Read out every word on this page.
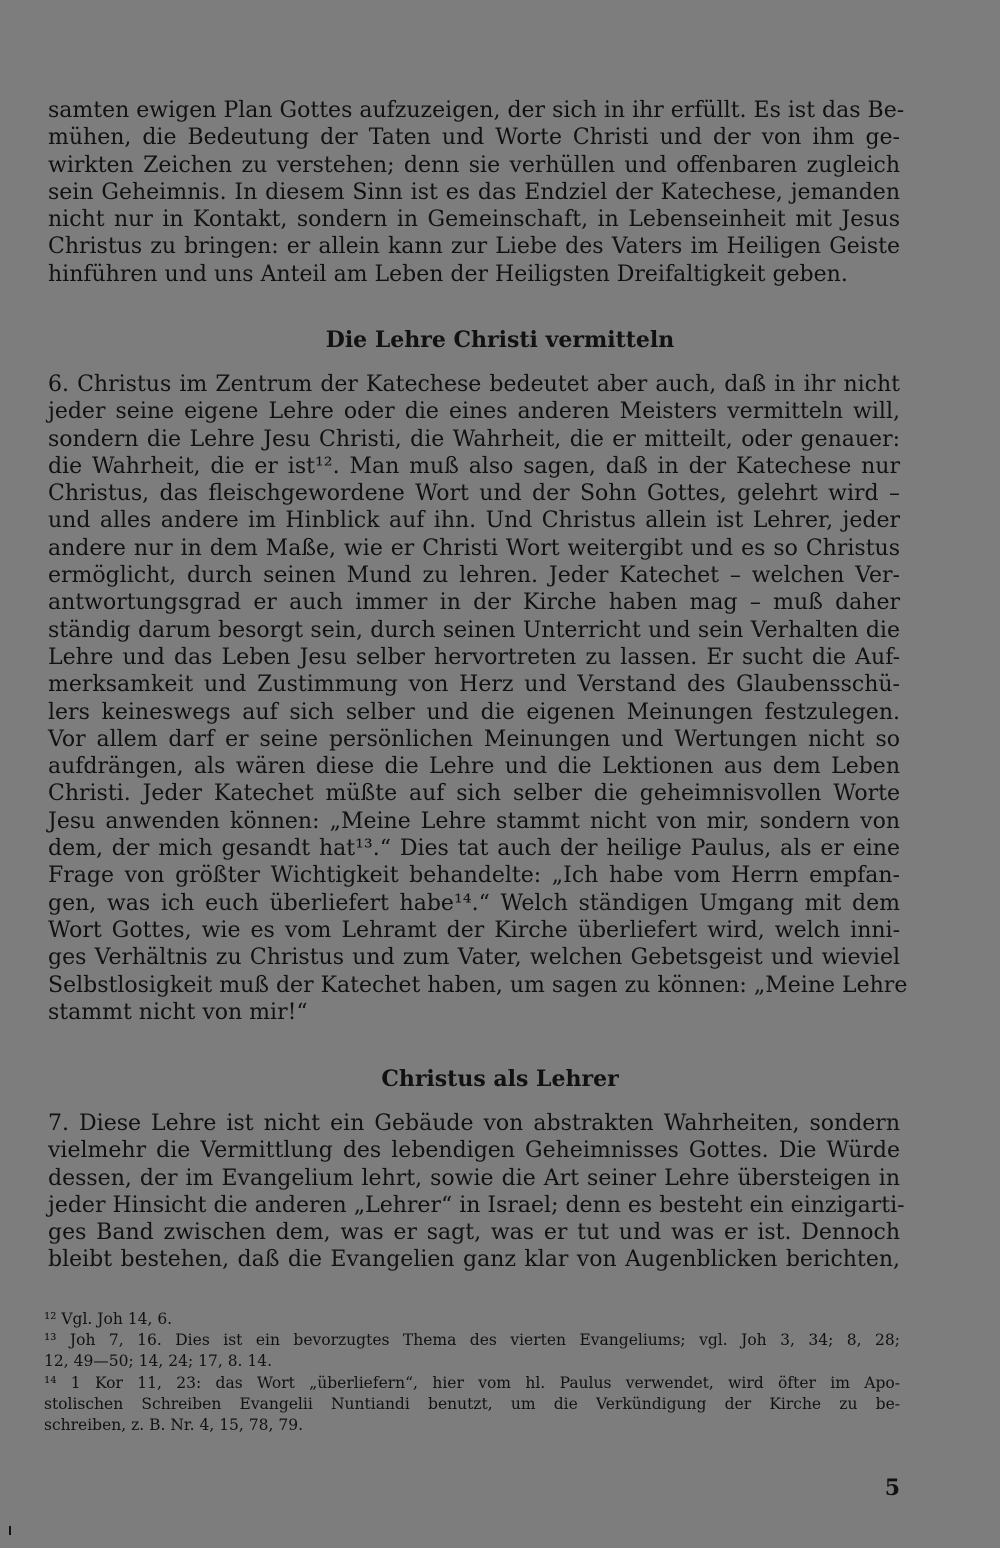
samten ewigen Plan Gottes aufzuzeigen, der sich in ihr erfüllt. Es ist das Be-
mühen, die Bedeutung der Taten und Worte Christi und der von ihm ge-
wirkten Zeichen zu verstehen; denn sie verhüllen und offenbaren zugleich
sein Geheimnis. In diesem Sinn ist es das Endziel der Katechese, jemanden
nicht nur in Kontakt, sondern in Gemeinschaft, in Lebenseinheit mit Jesus
Christus zu bringen: er allein kann zur Liebe des Vaters im Heiligen Geiste
hinführen und uns Anteil am Leben der Heiligsten Dreifaltigkeit geben.
Die Lehre Christi vermitteln
6. Christus im Zentrum der Katechese bedeutet aber auch, daß in ihr nicht
jeder seine eigene Lehre oder die eines anderen Meisters vermitteln will,
sondern die Lehre Jesu Christi, die Wahrheit, die er mitteilt, oder genauer:
die Wahrheit, die er ist¹². Man muß also sagen, daß in der Katechese nur
Christus, das fleischgewordene Wort und der Sohn Gottes, gelehrt wird –
und alles andere im Hinblick auf ihn. Und Christus allein ist Lehrer, jeder
andere nur in dem Maße, wie er Christi Wort weitergibt und es so Christus
ermöglicht, durch seinen Mund zu lehren. Jeder Katechet – welchen Ver-
antwortungsgrad er auch immer in der Kirche haben mag – muß daher
ständig darum besorgt sein, durch seinen Unterricht und sein Verhalten die
Lehre und das Leben Jesu selber hervortreten zu lassen. Er sucht die Auf-
merksamkeit und Zustimmung von Herz und Verstand des Glaubensschü-
lers keineswegs auf sich selber und die eigenen Meinungen festzulegen.
Vor allem darf er seine persönlichen Meinungen und Wertungen nicht so
aufdrängen, als wären diese die Lehre und die Lektionen aus dem Leben
Christi. Jeder Katechet müßte auf sich selber die geheimnisvollen Worte
Jesu anwenden können: „Meine Lehre stammt nicht von mir, sondern von
dem, der mich gesandt hat¹³.“ Dies tat auch der heilige Paulus, als er eine
Frage von größter Wichtigkeit behandelte: „Ich habe vom Herrn empfan-
gen, was ich euch überliefert habe¹⁴.“ Welch ständigen Umgang mit dem
Wort Gottes, wie es vom Lehramt der Kirche überliefert wird, welch inni-
ges Verhältnis zu Christus und zum Vater, welchen Gebetsgeist und wieviel
Selbstlosigkeit muß der Katechet haben, um sagen zu können: „Meine Lehre
stammt nicht von mir!“
Christus als Lehrer
7. Diese Lehre ist nicht ein Gebäude von abstrakten Wahrheiten, sondern
vielmehr die Vermittlung des lebendigen Geheimnisses Gottes. Die Würde
dessen, der im Evangelium lehrt, sowie die Art seiner Lehre übersteigen in
jeder Hinsicht die anderen „Lehrer“ in Israel; denn es besteht ein einzigarti-
ges Band zwischen dem, was er sagt, was er tut und was er ist. Dennoch
bleibt bestehen, daß die Evangelien ganz klar von Augenblicken berichten,
¹² Vgl. Joh 14, 6.
¹³ Joh 7, 16. Dies ist ein bevorzugtes Thema des vierten Evangeliums; vgl. Joh 3, 34; 8, 28;
12, 49—50; 14, 24; 17, 8. 14.
¹⁴ 1 Kor 11, 23: das Wort „überliefern“, hier vom hl. Paulus verwendet, wird öfter im Apo-
stolischen Schreiben Evangelii Nuntiandi benutzt, um die Verkündigung der Kirche zu be-
schreiben, z. B. Nr. 4, 15, 78, 79.
5
